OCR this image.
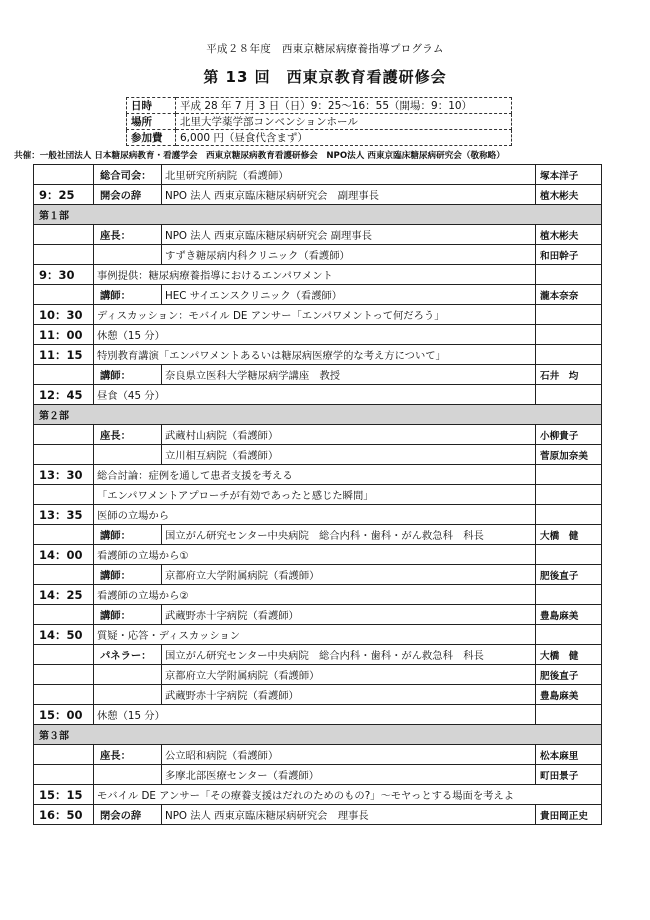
平成２８年度　西東京糖尿病療養指導プログラム
第 13 回　西東京教育看護研修会
日時	平成 28 年 7 月 3 日（日）9：25～16：55（開場：9：10）
場所	北里大学薬学部コンベンションホール
参加費	6,000 円（昼食代含まず）
共催：一般社団法人 日本糖尿病教育・看護学会　西東京糖尿病教育看護研修会　NPO法人 西東京臨床糖尿病研究会（敬称略）
	総合司会：	北里研究所病院（看護師）	塚本洋子
9：25	開会の辞	NPO 法人 西東京臨床糖尿病研究会　副理事長	植木彬夫
第１部			
	座長：	NPO 法人 西東京臨床糖尿病研究会 副理事長	植木彬夫
		すずき糖尿病内科クリニック（看護師）	和田幹子
9：30	事例提供：糖尿病療養指導におけるエンパワメント		
	講師：	HEC サイエンスクリニック（看護師）	瀧本奈奈
10：30	ディスカッション：モバイル DE アンサー「エンパワメントって何だろう」		
11：00	休憩（15 分）		
11：15	特別教育講演「エンパワメントあるいは糖尿病医療学的な考え方について」		
	講師：	奈良県立医科大学糖尿病学講座　教授	石井　均
12：45	昼食（45 分）		
第２部			
	座長：	武蔵村山病院（看護師）	小柳貴子
		立川相互病院（看護師）	菅原加奈美
13：30	総合討論：症例を通して患者支援を考える		
	「エンパワメントアプローチが有効であったと感じた瞬間」		
13：35	医師の立場から		
	講師：	国立がん研究センター中央病院　総合内科・歯科・がん救急科　科長	大橋　健
14：00	看護師の立場から①		
	講師：	京都府立大学附属病院（看護師）	肥後直子
14：25	看護師の立場から②		
	講師：	武蔵野赤十字病院（看護師）	豊島麻美
14：50	質疑・応答・ディスカッション		
	パネラー：	国立がん研究センター中央病院　総合内科・歯科・がん救急科　科長	大橋　健
		京都府立大学附属病院（看護師）	肥後直子
		武蔵野赤十字病院（看護師）	豊島麻美
15：00	休憩（15 分）		
第３部			
	座長：	公立昭和病院（看護師）	松本麻里
		多摩北部医療センター（看護師）	町田景子
15：15	モバイル DE アンサー「その療養支援はだれのためのもの?」～モヤっとする場面を考えよ		
16：50	閉会の辞	NPO 法人 西東京臨床糖尿病研究会　理事長	貴田岡正史
